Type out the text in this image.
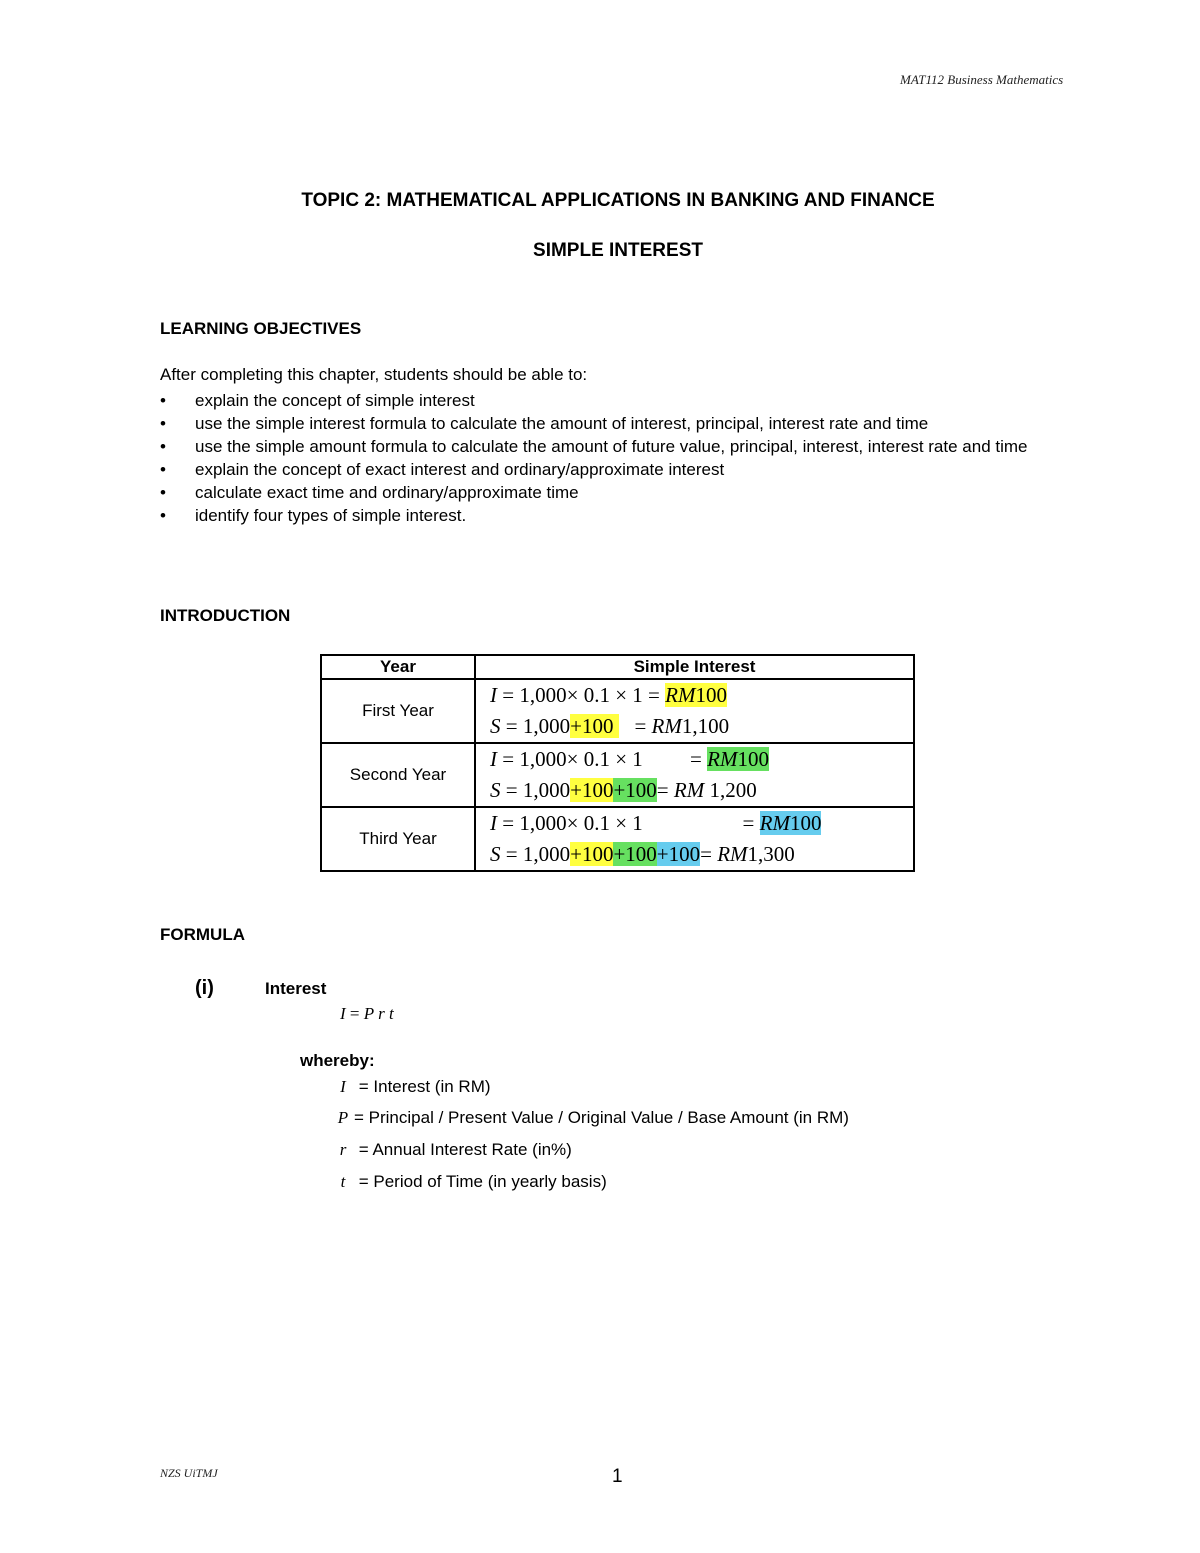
MAT112 Business Mathematics
TOPIC 2: MATHEMATICAL APPLICATIONS IN BANKING AND FINANCE
SIMPLE INTEREST
LEARNING OBJECTIVES
After completing this chapter, students should be able to:
• explain the concept of simple interest
• use the simple interest formula to calculate the amount of interest, principal, interest rate and time
• use the simple amount formula to calculate the amount of future value, principal, interest, interest rate and time
• explain the concept of exact interest and ordinary/approximate interest
• calculate exact time and ordinary/approximate time
• identify four types of simple interest.
INTRODUCTION
Year	Simple Interest
First Year	I = 1,000× 0.1 × 1 = RM100
S = 1,000+100 = RM1,100

Second Year	I = 1,000× 0.1 × 1 = RM100
S = 1,000+100+100= RM 1,200

Third Year	I = 1,000× 0.1 × 1 = RM100
S = 1,000+100+100+100= RM1,300
FORMULA
(i)	Interest
I = P r t
whereby:
I = Interest (in RM)
P = Principal / Present Value / Original Value / Base Amount (in RM)
r = Annual Interest Rate (in%)
t = Period of Time (in yearly basis)
NZS UiTMJ	1
